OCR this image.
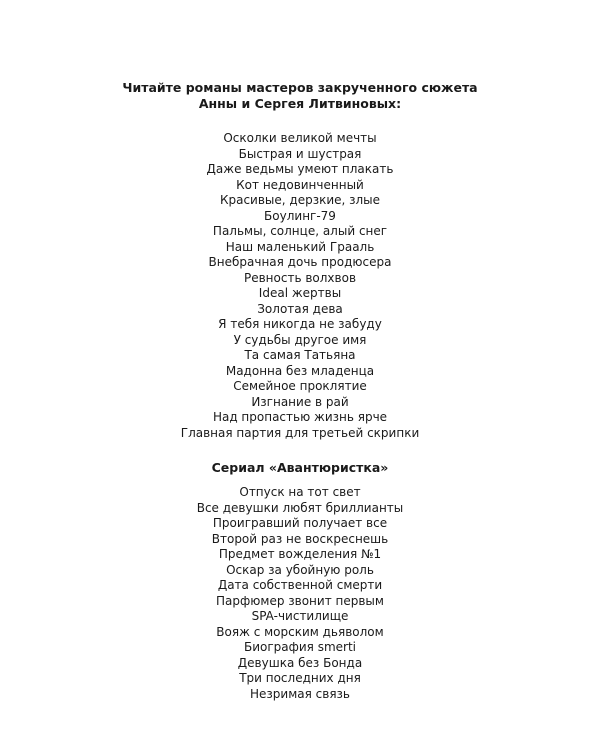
Читайте романы мастеров закрученного сюжета
Анны и Сергея Литвиновых:
Осколки великой мечты
Быстрая и шустрая
Даже ведьмы умеют плакать
Кот недовинченный
Красивые, дерзкие, злые
Боулинг-79
Пальмы, солнце, алый снег
Наш маленький Грааль
Внебрачная дочь продюсера
Ревность волхвов
Ideal жертвы
Золотая дева
Я тебя никогда не забуду
У судьбы другое имя
Та самая Татьяна
Мадонна без младенца
Семейное проклятие
Изгнание в рай
Над пропастью жизнь ярче
Главная партия для третьей скрипки
Сериал «Авантюристка»
Отпуск на тот свет
Все девушки любят бриллианты
Проигравший получает все
Второй раз не воскреснешь
Предмет вожделения №1
Оскар за убойную роль
Дата собственной смерти
Парфюмер звонит первым
SPA-чистилище
Вояж с морским дьяволом
Биография smerti
Девушка без Бонда
Три последних дня
Незримая связь
